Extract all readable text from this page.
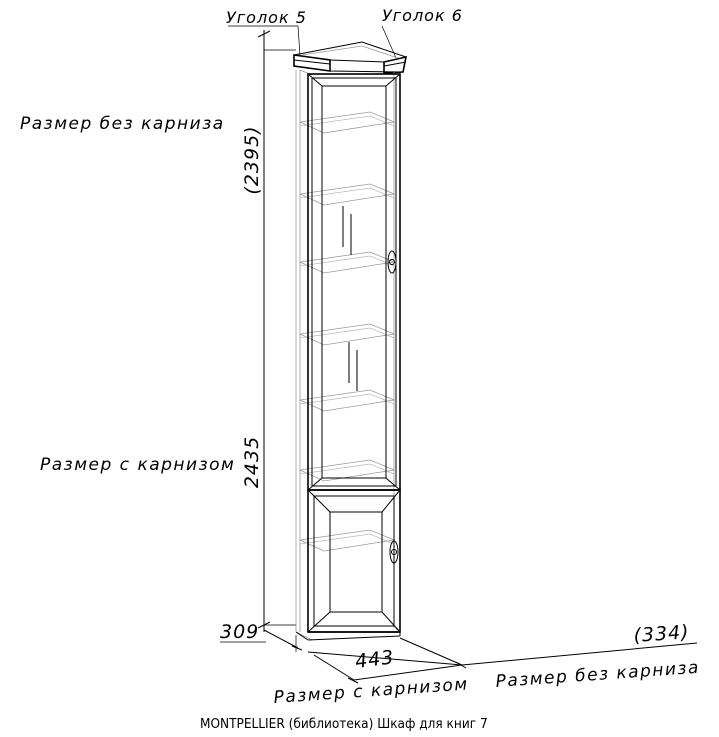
Уголок 5	Уголок 6
Размер без карниза
Размер с карнизом
(2395)
2435
309
443
(334)
Размер с карнизом Размер без карниза
MONTPELLIER (библиотека) Шкаф для книг 7
